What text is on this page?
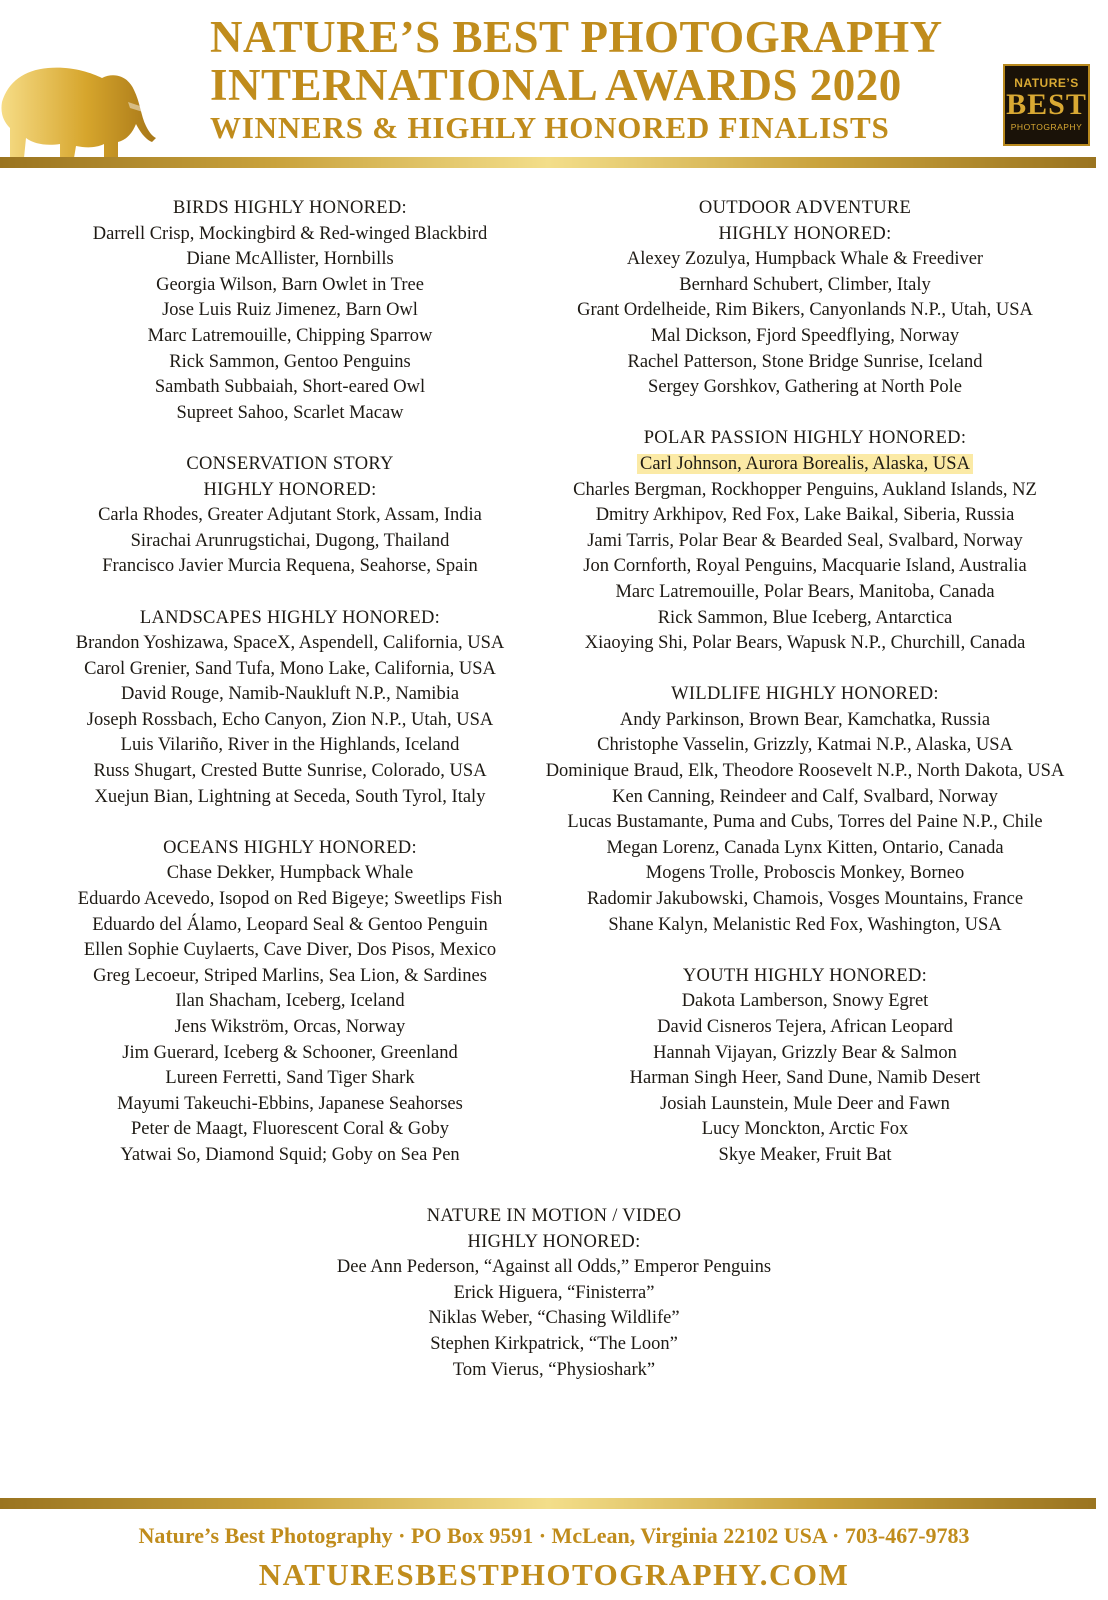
NATURE’S BEST PHOTOGRAPHY
INTERNATIONAL AWARDS 2020
WINNERS & HIGHLY HONORED FINALISTS
NATURE’S
BEST
PHOTOGRAPHY
BIRDS HIGHLY HONORED:
Darrell Crisp, Mockingbird & Red-winged Blackbird
Diane McAllister, Hornbills
Georgia Wilson, Barn Owlet in Tree
Jose Luis Ruiz Jimenez, Barn Owl
Marc Latremouille, Chipping Sparrow
Rick Sammon, Gentoo Penguins
Sambath Subbaiah, Short-eared Owl
Supreet Sahoo, Scarlet Macaw
CONSERVATION STORY
HIGHLY HONORED:
Carla Rhodes, Greater Adjutant Stork, Assam, India
Sirachai Arunrugstichai, Dugong, Thailand
Francisco Javier Murcia Requena, Seahorse, Spain
LANDSCAPES HIGHLY HONORED:
Brandon Yoshizawa, SpaceX, Aspendell, California, USA
Carol Grenier, Sand Tufa, Mono Lake, California, USA
David Rouge, Namib-Naukluft N.P., Namibia
Joseph Rossbach, Echo Canyon, Zion N.P., Utah, USA
Luis Vilariño, River in the Highlands, Iceland
Russ Shugart, Crested Butte Sunrise, Colorado, USA
Xuejun Bian, Lightning at Seceda, South Tyrol, Italy
OCEANS HIGHLY HONORED:
Chase Dekker, Humpback Whale
Eduardo Acevedo, Isopod on Red Bigeye; Sweetlips Fish
Eduardo del Álamo, Leopard Seal & Gentoo Penguin
Ellen Sophie Cuylaerts, Cave Diver, Dos Pisos, Mexico
Greg Lecoeur, Striped Marlins, Sea Lion, & Sardines
Ilan Shacham, Iceberg, Iceland
Jens Wikström, Orcas, Norway
Jim Guerard, Iceberg & Schooner, Greenland
Lureen Ferretti, Sand Tiger Shark
Mayumi Takeuchi-Ebbins, Japanese Seahorses
Peter de Maagt, Fluorescent Coral & Goby
Yatwai So, Diamond Squid; Goby on Sea Pen
OUTDOOR ADVENTURE
HIGHLY HONORED:
Alexey Zozulya, Humpback Whale & Freediver
Bernhard Schubert, Climber, Italy
Grant Ordelheide, Rim Bikers, Canyonlands N.P., Utah, USA
Mal Dickson, Fjord Speedflying, Norway
Rachel Patterson, Stone Bridge Sunrise, Iceland
Sergey Gorshkov, Gathering at North Pole
POLAR PASSION HIGHLY HONORED:
Carl Johnson, Aurora Borealis, Alaska, USA
Charles Bergman, Rockhopper Penguins, Aukland Islands, NZ
Dmitry Arkhipov, Red Fox, Lake Baikal, Siberia, Russia
Jami Tarris, Polar Bear & Bearded Seal, Svalbard, Norway
Jon Cornforth, Royal Penguins, Macquarie Island, Australia
Marc Latremouille, Polar Bears, Manitoba, Canada
Rick Sammon, Blue Iceberg, Antarctica
Xiaoying Shi, Polar Bears, Wapusk N.P., Churchill, Canada
WILDLIFE HIGHLY HONORED:
Andy Parkinson, Brown Bear, Kamchatka, Russia
Christophe Vasselin, Grizzly, Katmai N.P., Alaska, USA
Dominique Braud, Elk, Theodore Roosevelt N.P., North Dakota, USA
Ken Canning, Reindeer and Calf, Svalbard, Norway
Lucas Bustamante, Puma and Cubs, Torres del Paine N.P., Chile
Megan Lorenz, Canada Lynx Kitten, Ontario, Canada
Mogens Trolle, Proboscis Monkey, Borneo
Radomir Jakubowski, Chamois, Vosges Mountains, France
Shane Kalyn, Melanistic Red Fox, Washington, USA
YOUTH HIGHLY HONORED:
Dakota Lamberson, Snowy Egret
David Cisneros Tejera, African Leopard
Hannah Vijayan, Grizzly Bear & Salmon
Harman Singh Heer, Sand Dune, Namib Desert
Josiah Launstein, Mule Deer and Fawn
Lucy Monckton, Arctic Fox
Skye Meaker, Fruit Bat
NATURE IN MOTION / VIDEO
HIGHLY HONORED:
Dee Ann Pederson, “Against all Odds,” Emperor Penguins
Erick Higuera, “Finisterra”
Niklas Weber, “Chasing Wildlife”
Stephen Kirkpatrick, “The Loon”
Tom Vierus, “Physioshark”
Nature’s Best Photography · PO Box 9591 · McLean, Virginia 22102 USA · 703-467-9783
NATURESBESTPHOTOGRAPHY.COM
